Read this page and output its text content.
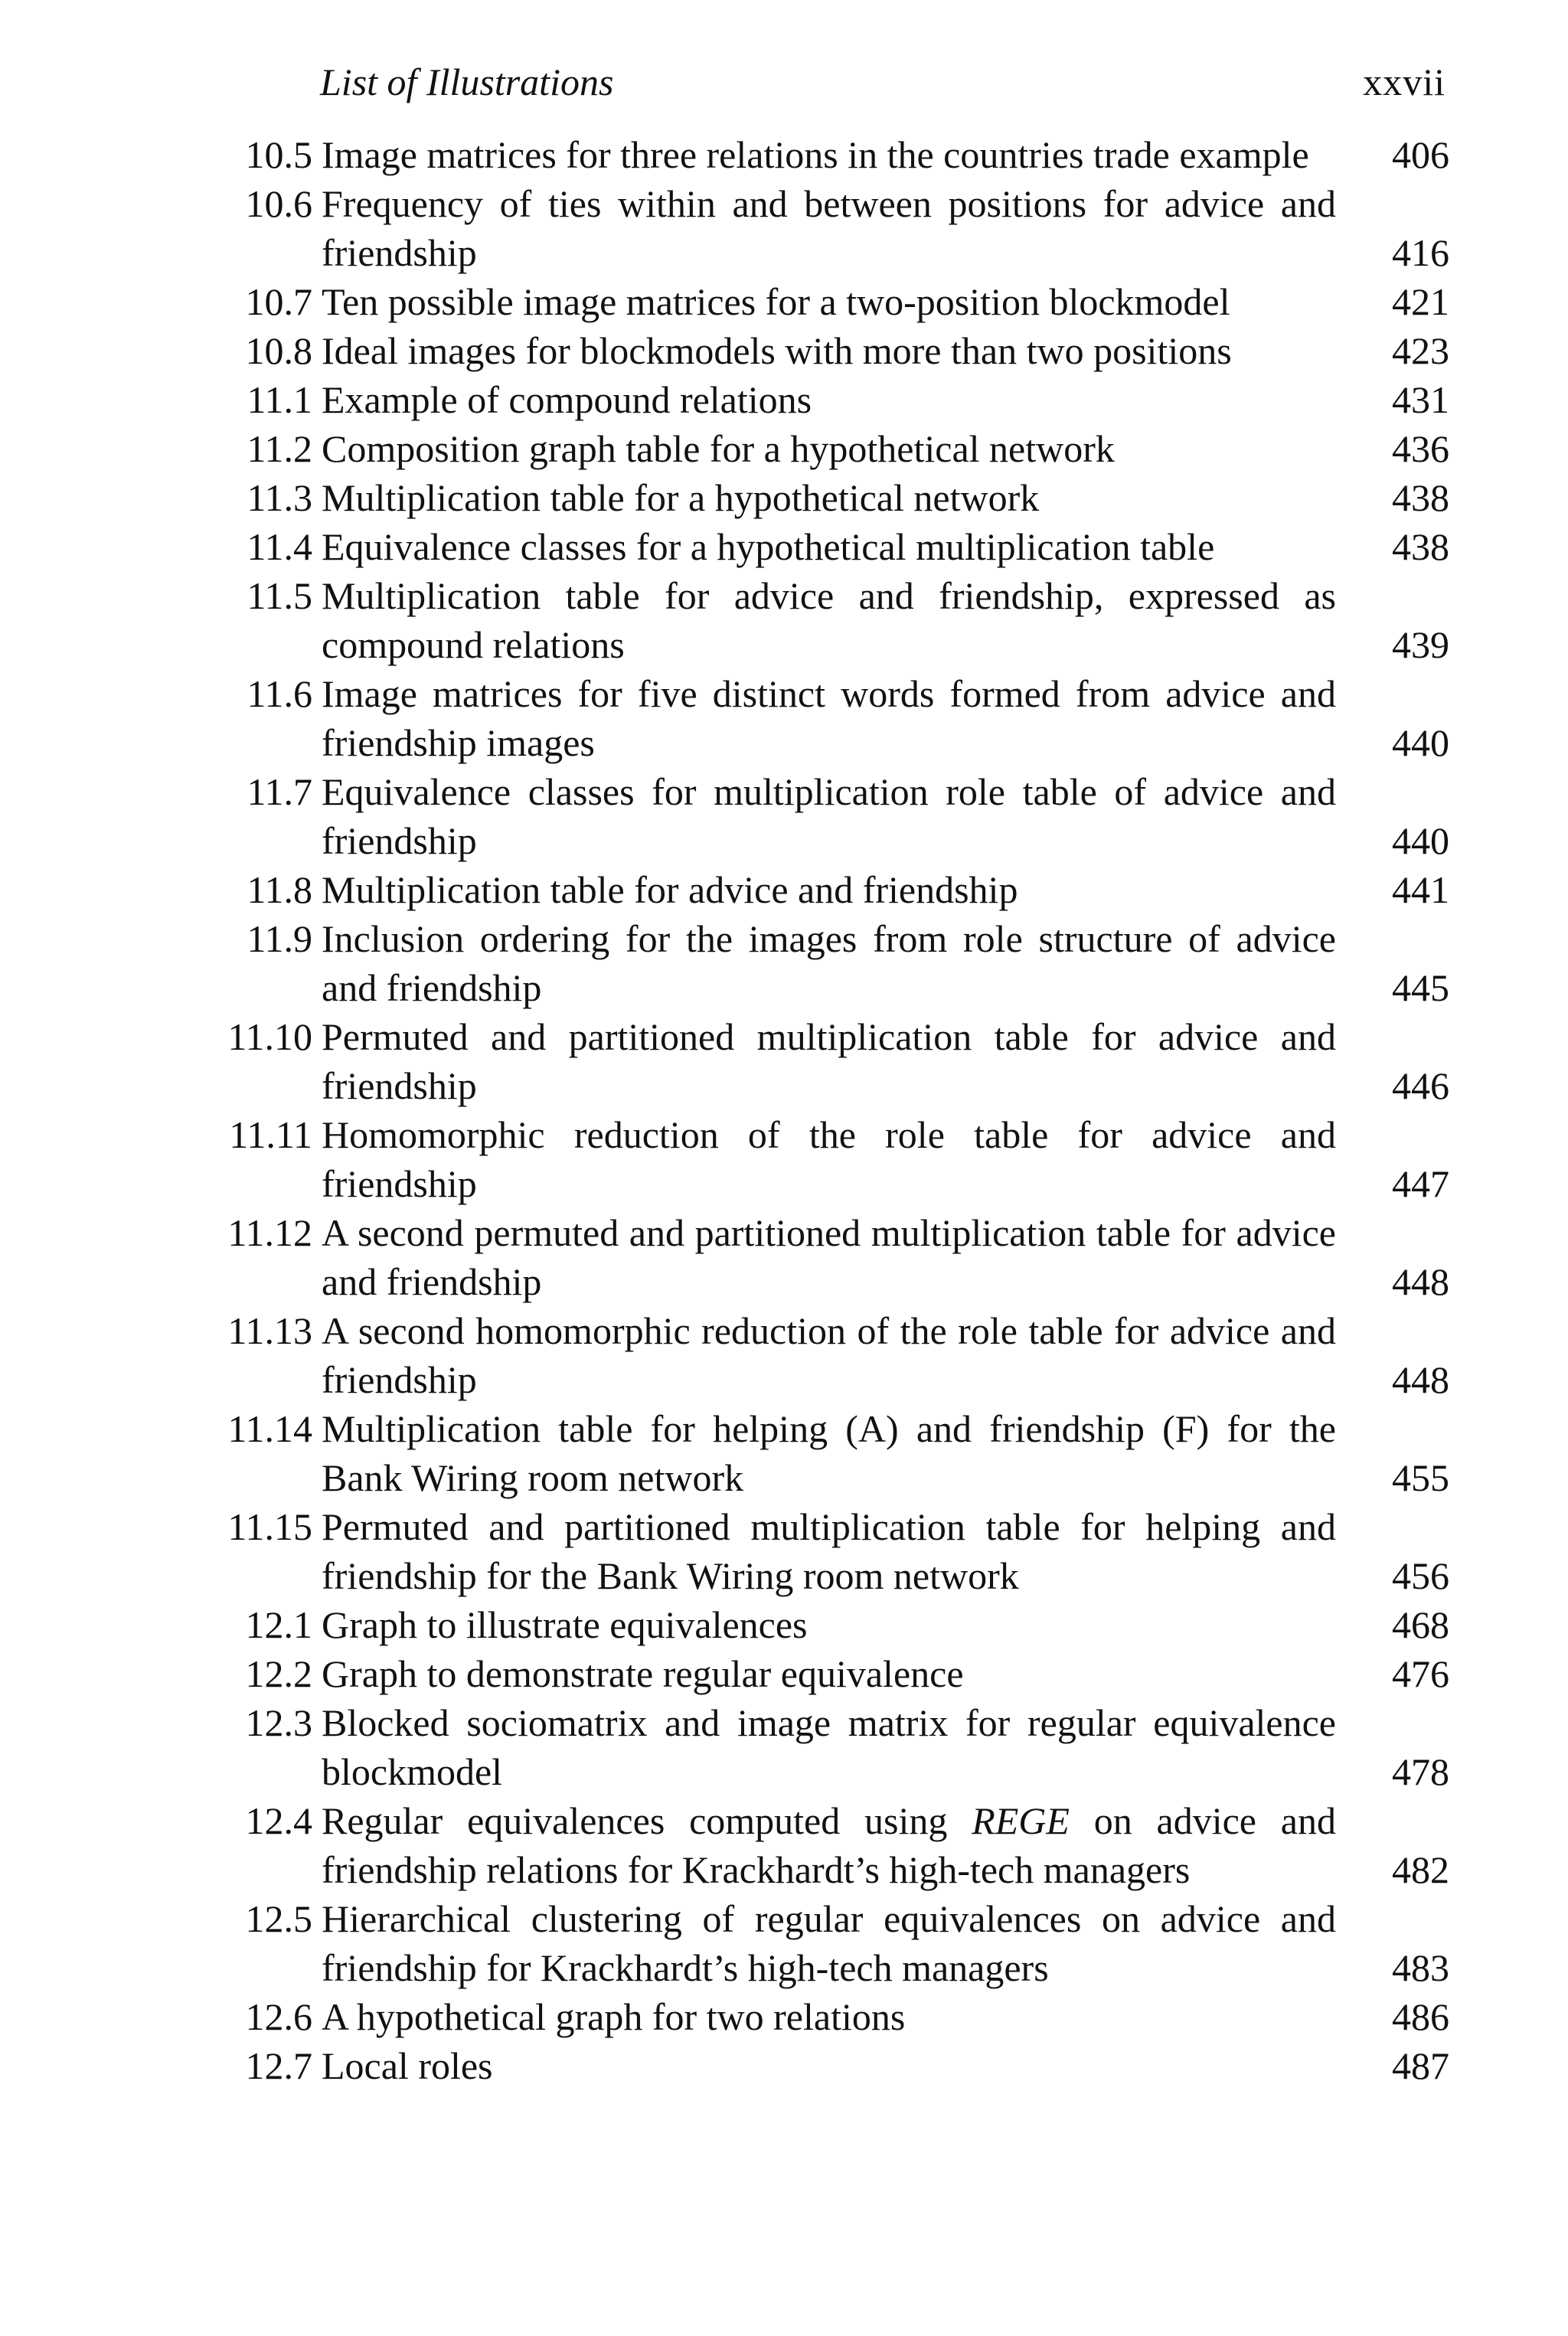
List of Illustrations	xxvii
10.5 Image matrices for three relations in the countries trade example	406
10.6 Frequency of ties within and between positions for advice and friendship	416
10.7 Ten possible image matrices for a two-position blockmodel	421
10.8 Ideal images for blockmodels with more than two positions	423
11.1 Example of compound relations	431
11.2 Composition graph table for a hypothetical network	436
11.3 Multiplication table for a hypothetical network	438
11.4 Equivalence classes for a hypothetical multiplication table	438
11.5 Multiplication table for advice and friendship, expressed as compound relations	439
11.6 Image matrices for five distinct words formed from advice and friendship images	440
11.7 Equivalence classes for multiplication role table of advice and friendship	440
11.8 Multiplication table for advice and friendship	441
11.9 Inclusion ordering for the images from role structure of advice and friendship	445
11.10 Permuted and partitioned multiplication table for advice and friendship	446
11.11 Homomorphic reduction of the role table for advice and friendship	447
11.12 A second permuted and partitioned multiplication table for advice and friendship	448
11.13 A second homomorphic reduction of the role table for advice and friendship	448
11.14 Multiplication table for helping (A) and friendship (F) for the Bank Wiring room network	455
11.15 Permuted and partitioned multiplication table for helping and friendship for the Bank Wiring room network	456
12.1 Graph to illustrate equivalences	468
12.2 Graph to demonstrate regular equivalence	476
12.3 Blocked sociomatrix and image matrix for regular equivalence blockmodel	478
12.4 Regular equivalences computed using REGE on advice and friendship relations for Krackhardt’s high-tech managers	482
12.5 Hierarchical clustering of regular equivalences on advice and friendship for Krackhardt’s high-tech managers	483
12.6 A hypothetical graph for two relations	486
12.7 Local roles	487
